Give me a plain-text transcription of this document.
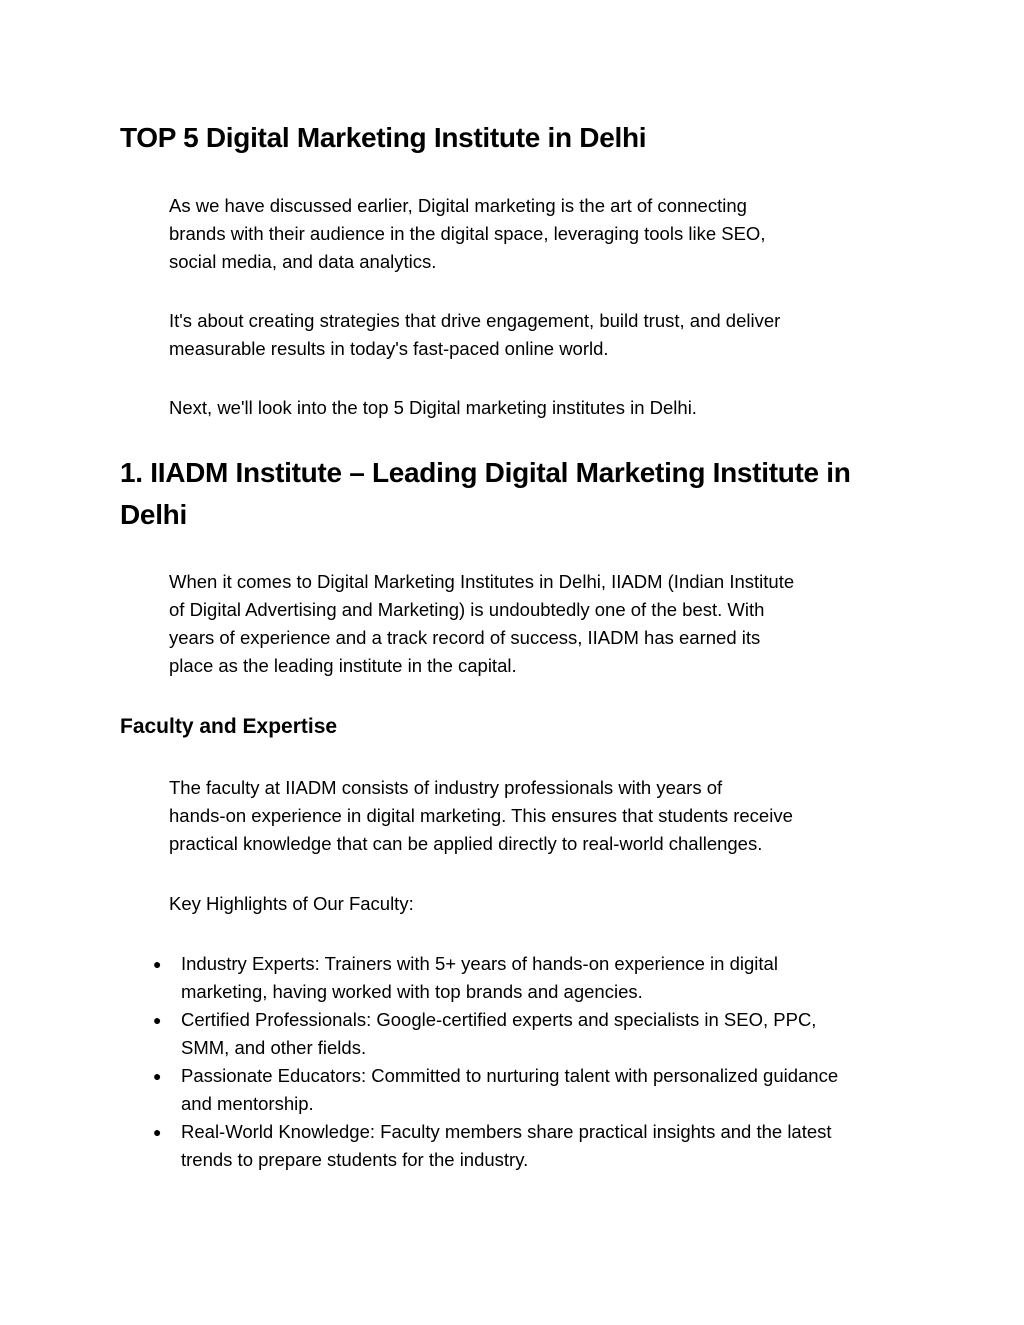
TOP 5 Digital Marketing Institute in Delhi

As we have discussed earlier, Digital marketing is the art of connecting
brands with their audience in the digital space, leveraging tools like SEO,
social media, and data analytics.

It's about creating strategies that drive engagement, build trust, and deliver
measurable results in today's fast-paced online world.

Next, we'll look into the top 5 Digital marketing institutes in Delhi.

1. IIADM Institute – Leading Digital Marketing Institute in
Delhi

When it comes to Digital Marketing Institutes in Delhi, IIADM (Indian Institute
of Digital Advertising and Marketing) is undoubtedly one of the best. With
years of experience and a track record of success, IIADM has earned its
place as the leading institute in the capital.

Faculty and Expertise

The faculty at IIADM consists of industry professionals with years of
hands-on experience in digital marketing. This ensures that students receive
practical knowledge that can be applied directly to real-world challenges.

Key Highlights of Our Faculty:

● Industry Experts: Trainers with 5+ years of hands-on experience in digital
marketing, having worked with top brands and agencies.
● Certified Professionals: Google-certified experts and specialists in SEO, PPC,
SMM, and other fields.
● Passionate Educators: Committed to nurturing talent with personalized guidance
and mentorship.
● Real-World Knowledge: Faculty members share practical insights and the latest
trends to prepare students for the industry.
